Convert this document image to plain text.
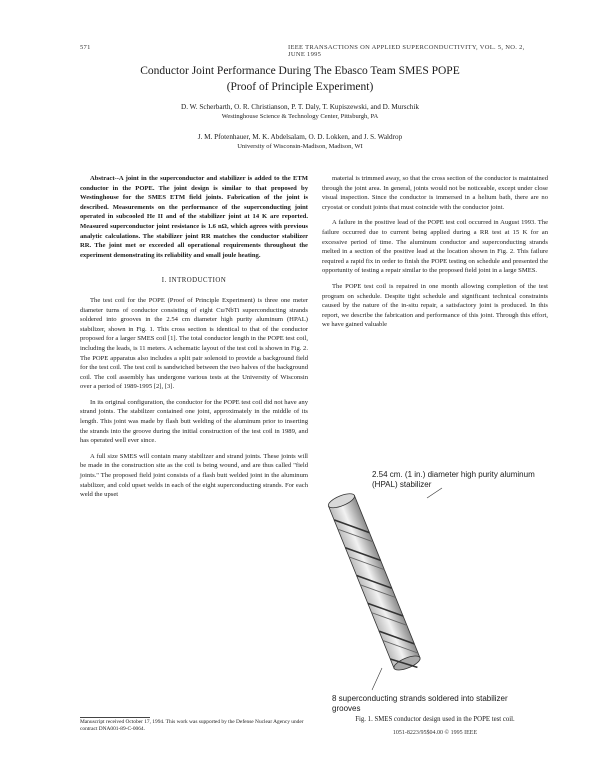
571	IEEE TRANSACTIONS ON APPLIED SUPERCONDUCTIVITY, VOL. 5, NO. 2, JUNE 1995
Conductor Joint Performance During The Ebasco Team SMES POPE
(Proof of Principle Experiment)
D. W. Scherbarth, O. R. Christianson, P. T. Daly, T. Kupiszewski, and D. Murschik
Westinghouse Science & Technology Center, Pittsburgh, PA
J. M. Pfotenhauer, M. K. Abdelsalam, O. D. Lokken, and J. S. Waldrop
University of Wisconsin-Madison, Madison, WI

Abstract--A joint in the superconductor and stabilizer is added to the ETM conductor in the POPE. The joint design is similar to that proposed by Westinghouse for the SMES ETM field joints. Fabrication of the joint is described. Measurements on the performance of the superconducting joint operated in subcooled He II and of the stabilizer joint at 14 K are reported. Measured superconductor joint resistance is 1.6 nΩ, which agrees with previous analytic calculations. The stabilizer joint RR matches the conductor stabilizer RR. The joint met or exceeded all operational requirements throughout the experiment demonstrating its reliability and small joule heating.

I. INTRODUCTION

The test coil for the POPE (Proof of Principle Experiment) is three one meter diameter turns of conductor consisting of eight Cu/NbTi superconducting strands soldered into grooves in the 2.54 cm diameter high purity aluminum (HPAL) stabilizer, shown in Fig. 1. This cross section is identical to that of the conductor proposed for a larger SMES coil [1]. The total conductor length in the POPE test coil, including the leads, is 11 meters. A schematic layout of the test coil is shown in Fig. 2. The POPE apparatus also includes a split pair solenoid to provide a background field for the test coil. The test coil is sandwiched between the two halves of the background coil. The coil assembly has undergone various tests at the University of Wisconsin over a period of 1989-1995 [2], [3].

In its original configuration, the conductor for the POPE test coil did not have any strand joints. The stabilizer contained one joint, approximately in the middle of its length. This joint was made by flash butt welding of the aluminum prior to inserting the strands into the groove during the initial construction of the test coil in 1989, and has operated well ever since.

A full size SMES will contain many stabilizer and strand joints. These joints will be made in the construction site as the coil is being wound, and are thus called "field joints." The proposed field joint consists of a flash butt welded joint in the aluminum stabilizer, and cold upset welds in each of the eight superconducting strands. For each weld the upset

Manuscript received October 17, 1994. This work was supported by the Defense Nuclear Agency under contract DNA001-89-C-0064.

material is trimmed away, so that the cross section of the conductor is maintained through the joint area. In general, joints would not be noticeable, except under close visual inspection. Since the conductor is immersed in a helium bath, there are no cryostat or conduit joints that must coincide with the conductor joint.

A failure in the positive lead of the POPE test coil occurred in August 1993. The failure occurred due to current being applied during a RR test at 15 K for an excessive period of time. The aluminum conductor and superconducting strands melted in a section of the positive lead at the location shown in Fig. 2. This failure required a rapid fix in order to finish the POPE testing on schedule and presented the opportunity of testing a repair similar to the proposed field joint in a large SMES.

The POPE test coil is repaired in one month allowing completion of the test program on schedule. Despite tight schedule and significant technical constraints caused by the nature of the in-situ repair, a satisfactory joint is produced. In this report, we describe the fabrication and performance of this joint. Through this effort, we have gained valuable

2.54 cm. (1 in.) diameter high purity aluminum (HPAL) stabilizer
8 superconducting strands soldered into stabilizer grooves
Fig. 1. SMES conductor design used in the POPE test coil.
1051-8223/95$04.00 © 1995 IEEE
